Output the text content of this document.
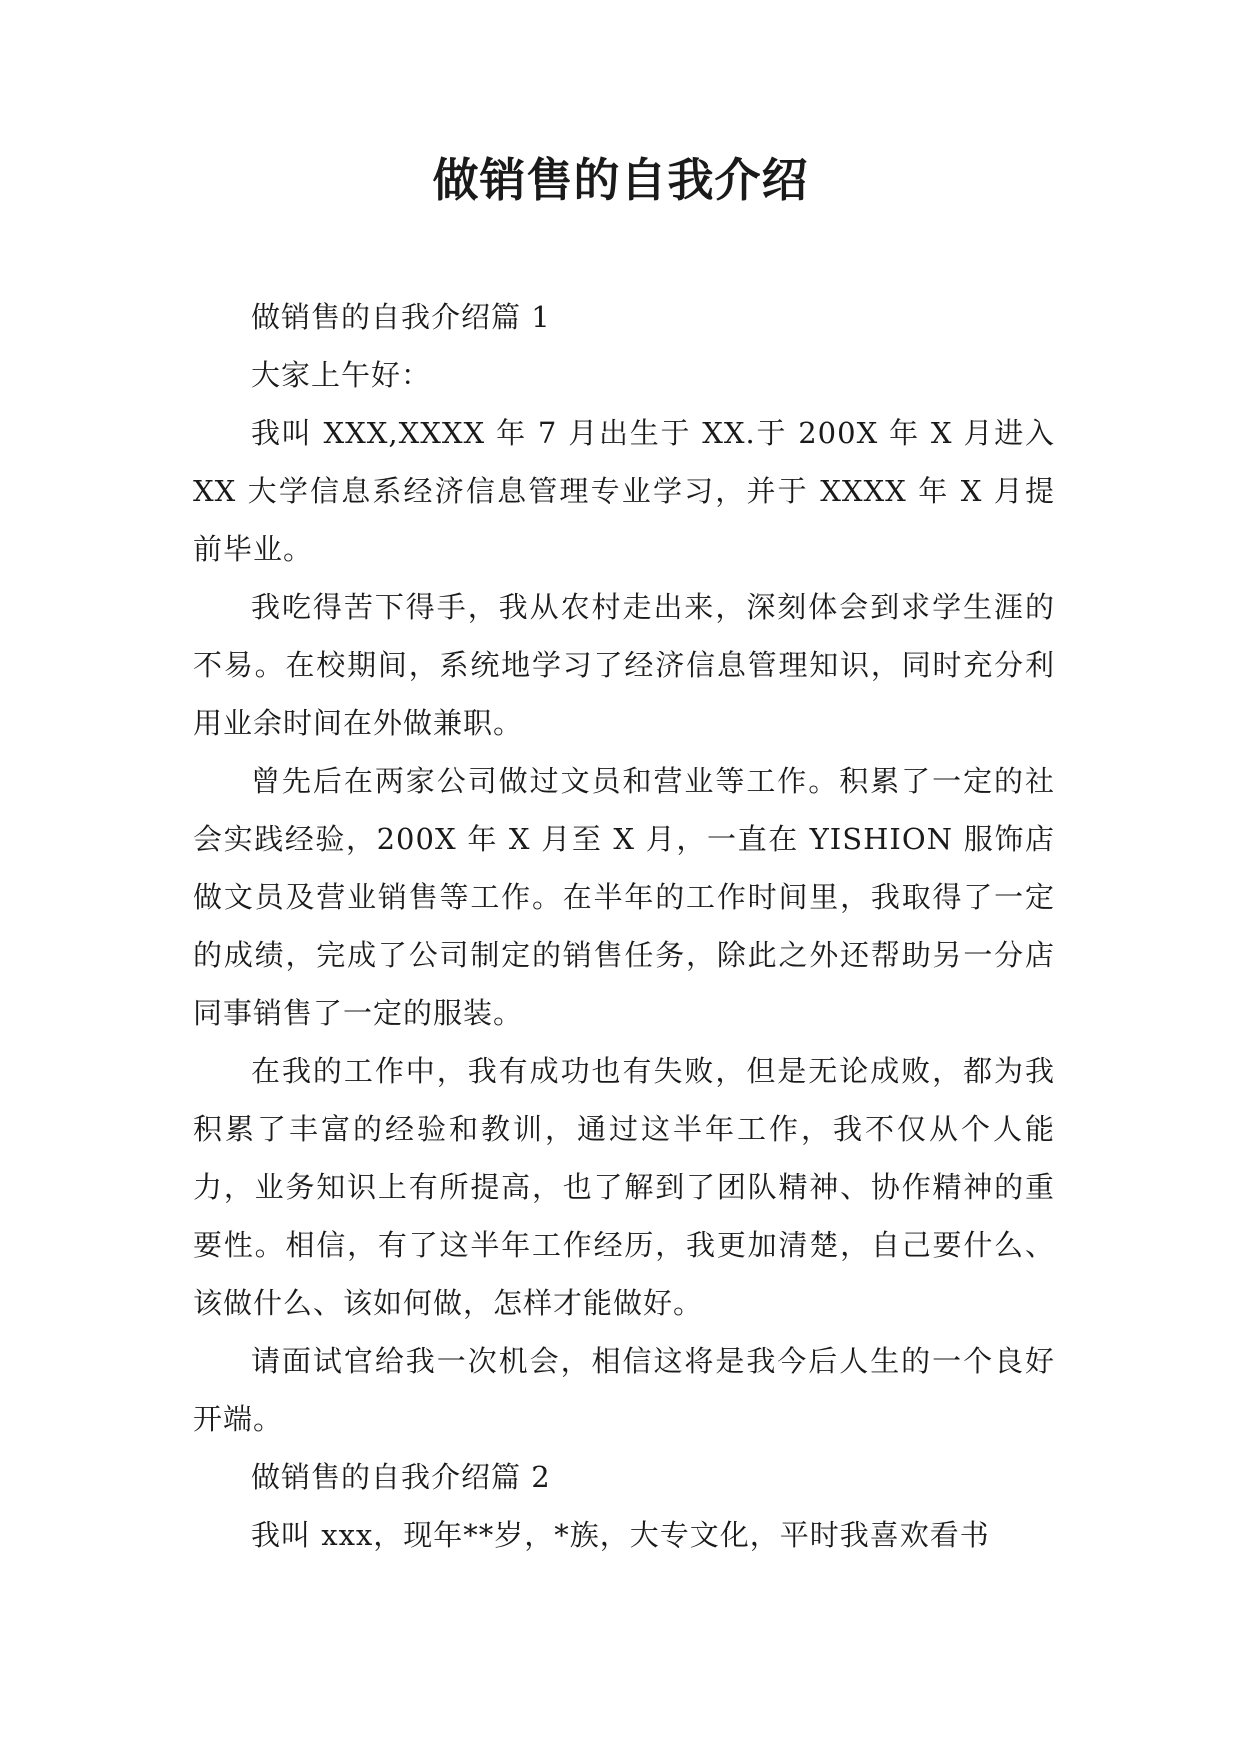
做销售的自我介绍

做销售的自我介绍篇 1

大家上午好：

我叫 XXX,XXXX 年 7 月出生于 XX.于 200X 年 X 月进入 XX 大学信息系经济信息管理专业学习，并于 XXXX 年 X 月提前毕业。

我吃得苦下得手，我从农村走出来，深刻体会到求学生涯的不易。在校期间，系统地学习了经济信息管理知识，同时充分利用业余时间在外做兼职。

曾先后在两家公司做过文员和营业等工作。积累了一定的社会实践经验，200X 年 X 月至 X 月，一直在 YISHION 服饰店做文员及营业销售等工作。在半年的工作时间里，我取得了一定的成绩，完成了公司制定的销售任务，除此之外还帮助另一分店同事销售了一定的服装。

在我的工作中，我有成功也有失败，但是无论成败，都为我积累了丰富的经验和教训，通过这半年工作，我不仅从个人能力，业务知识上有所提高，也了解到了团队精神、协作精神的重要性。相信，有了这半年工作经历，我更加清楚，自己要什么、该做什么、该如何做，怎样才能做好。

请面试官给我一次机会，相信这将是我今后人生的一个良好开端。

做销售的自我介绍篇 2

我叫 xxx，现年**岁，*族，大专文化，平时我喜欢看书
